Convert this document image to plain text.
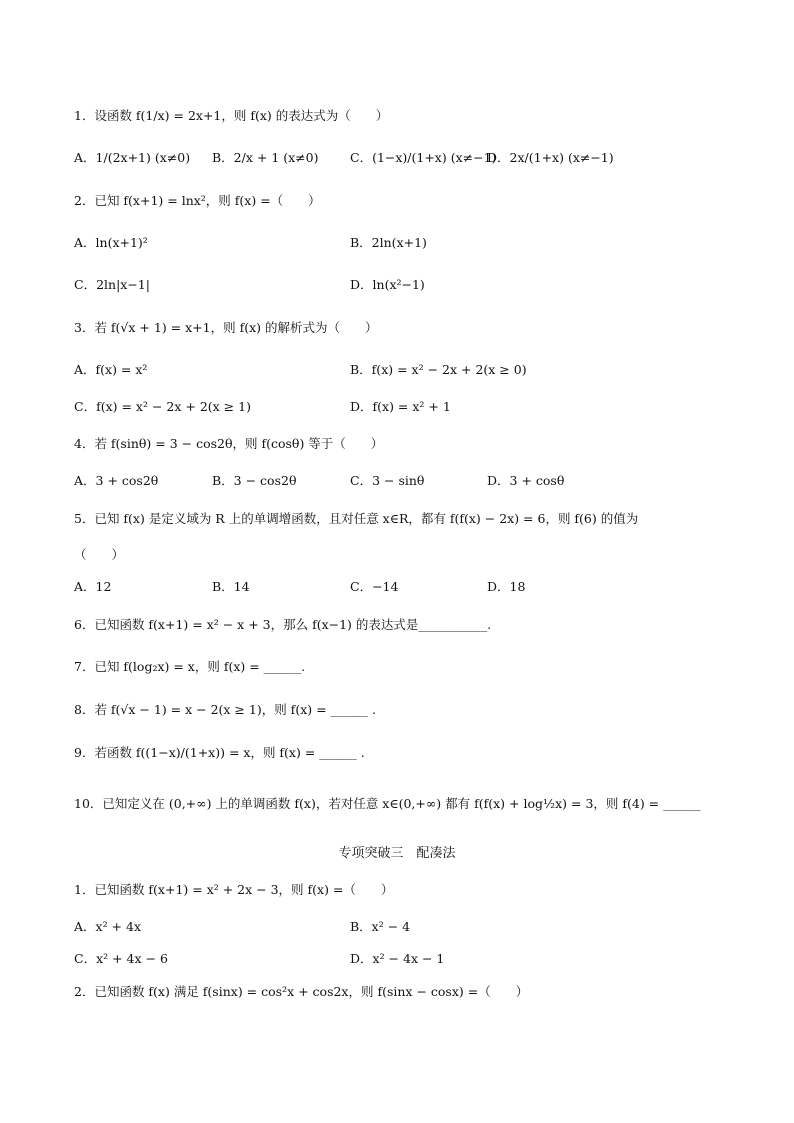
1．设函数 f(1/x) = 2x+1，则 f(x) 的表达式为（　　）
A．1/(2x+1) (x≠0) B．2/x + 1 (x≠0)	C．(1−x)/(1+x) (x≠−1)
D．2x/(1+x) (x≠−1)
2．已知 f(x+1) = lnx²，则 f(x) =（　　）
A．ln(x+1)²	B．2ln(x+1)
C．2ln|x−1|	D．ln(x²−1)
3．若 f(√x + 1) = x+1，则 f(x) 的解析式为（　　）
A．f(x) = x²	B．f(x) = x² − 2x + 2(x ≥ 0)
C．f(x) = x² − 2x + 2(x ≥ 1)	D．f(x) = x² + 1
4．若 f(sinθ) = 3 − cos2θ，则 f(cosθ) 等于（　　）
A．3 + cos2θ	B．3 − cos2θ	C．3 − sinθ	D．3 + cosθ
5．已知 f(x) 是定义域为 R 上的单调增函数，且对任意 x∈R，都有 f(f(x) − 2x) = 6，则 f(6) 的值为
（　　）
A．12	B．14	C．−14	D．18
6．已知函数 f(x+1) = x² − x + 3，那么 f(x−1) 的表达式是___________.
7．已知 f(log₂x) = x，则 f(x) = ______.
8．若 f(√x − 1) = x − 2(x ≥ 1)，则 f(x) = ______ .
9．若函数 f((1−x)/(1+x)) = x，则 f(x) = ______ .
10．已知定义在 (0,+∞) 上的单调函数 f(x)，若对任意 x∈(0,+∞) 都有 f(f(x) + log½x) = 3，则 f(4) = ______
专项突破三　配凑法
1．已知函数 f(x+1) = x² + 2x − 3，则 f(x) =（　　）
A．x² + 4x	B．x² − 4
C．x² + 4x − 6	D．x² − 4x − 1
2．已知函数 f(x) 满足 f(sinx) = cos²x + cos2x，则 f(sinx − cosx) =（　　）
